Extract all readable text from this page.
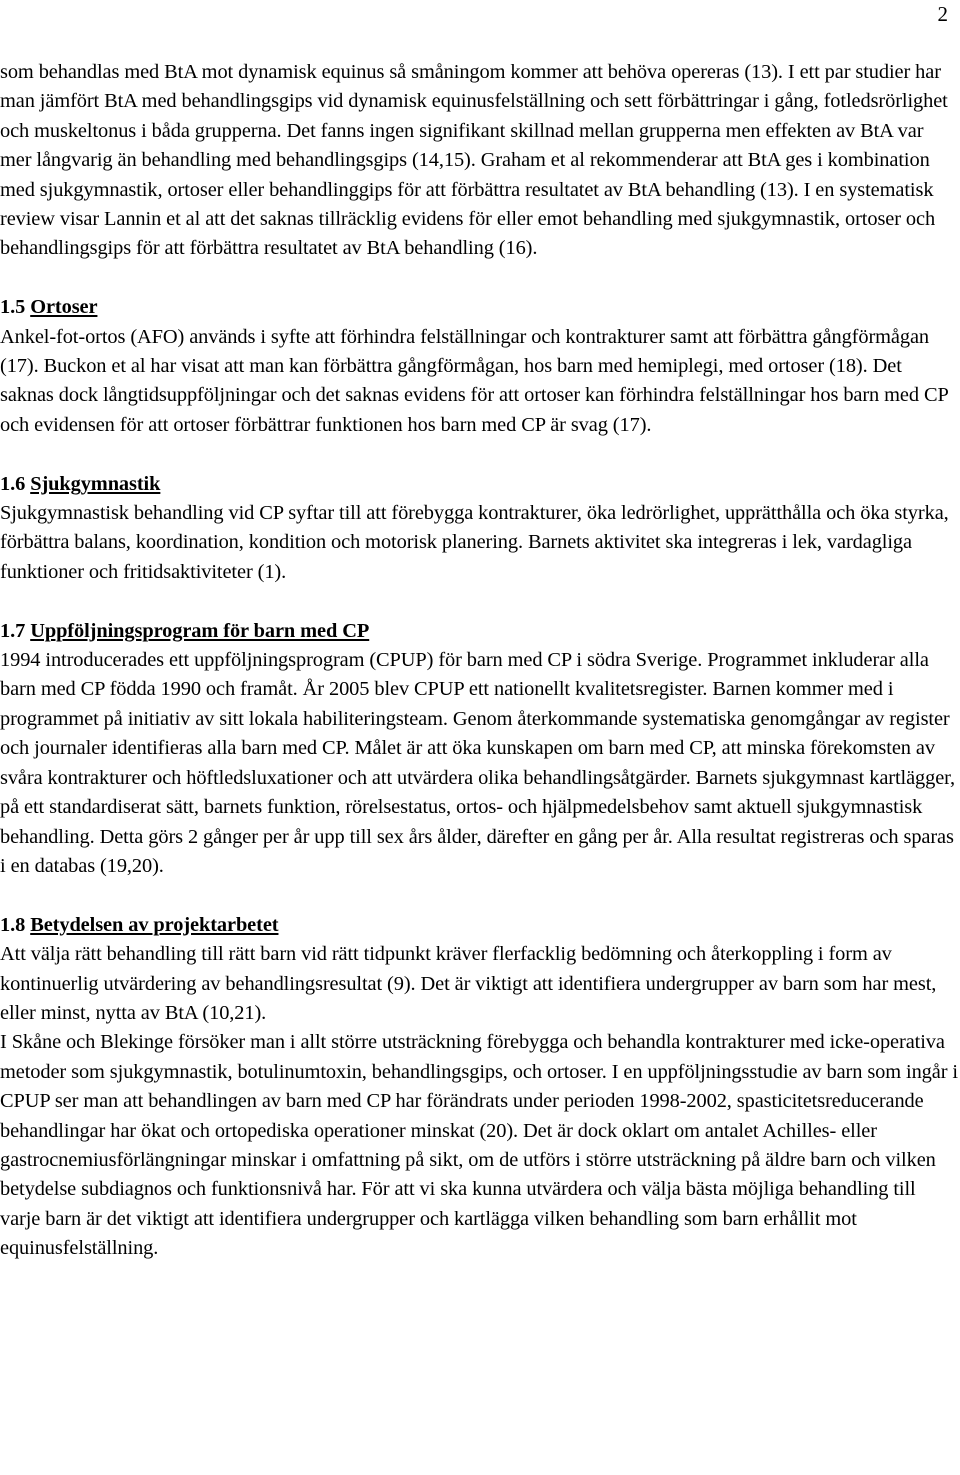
2

som behandlas med BtA mot dynamisk equinus så småningom kommer att behöva opereras (13). I ett par studier har man jämfört BtA med behandlingsgips vid dynamisk equinusfelställning och sett förbättringar i gång, fotledsrörlighet och muskeltonus i båda grupperna. Det fanns ingen signifikant skillnad mellan grupperna men effekten av BtA var mer långvarig än behandling med behandlingsgips (14,15). Graham et al rekommenderar att BtA ges i kombination med sjukgymnastik, ortoser eller behandlinggips för att förbättra resultatet av BtA behandling (13). I en systematisk review visar Lannin et al att det saknas tillräcklig evidens för eller emot behandling med sjukgymnastik, ortoser och behandlingsgips för att förbättra resultatet av BtA behandling (16).

1.5 Ortoser

Ankel-fot-ortos (AFO) används i syfte att förhindra felställningar och kontrakturer samt att förbättra gångförmågan (17). Buckon et al har visat att man kan förbättra gångförmågan, hos barn med hemiplegi, med ortoser (18). Det saknas dock långtidsuppföljningar och det saknas evidens för att ortoser kan förhindra felställningar hos barn med CP och evidensen för att ortoser förbättrar funktionen hos barn med CP är svag (17).

1.6 Sjukgymnastik

Sjukgymnastisk behandling vid CP syftar till att förebygga kontrakturer, öka ledrörlighet, upprätthålla och öka styrka, förbättra balans, koordination, kondition och motorisk planering. Barnets aktivitet ska integreras i lek, vardagliga funktioner och fritidsaktiviteter (1).

1.7 Uppföljningsprogram för barn med CP

1994 introducerades ett uppföljningsprogram (CPUP) för barn med CP i södra Sverige. Programmet inkluderar alla barn med CP födda 1990 och framåt. År 2005 blev CPUP ett nationellt kvalitetsregister. Barnen kommer med i programmet på initiativ av sitt lokala habiliteringsteam. Genom återkommande systematiska genomgångar av register och journaler identifieras alla barn med CP. Målet är att öka kunskapen om barn med CP, att minska förekomsten av svåra kontrakturer och höftledsluxationer och att utvärdera olika behandlingsåtgärder. Barnets sjukgymnast kartlägger, på ett standardiserat sätt, barnets funktion, rörelsestatus, ortos- och hjälpmedelsbehov samt aktuell sjukgymnastisk behandling. Detta görs 2 gånger per år upp till sex års ålder, därefter en gång per år. Alla resultat registreras och sparas i en databas (19,20).

1.8 Betydelsen av projektarbetet

Att välja rätt behandling till rätt barn vid rätt tidpunkt kräver flerfacklig bedömning och återkoppling i form av kontinuerlig utvärdering av behandlingsresultat (9). Det är viktigt att identifiera undergrupper av barn som har mest, eller minst, nytta av BtA (10,21).

I Skåne och Blekinge försöker man i allt större utsträckning förebygga och behandla kontrakturer med icke-operativa metoder som sjukgymnastik, botulinumtoxin, behandlingsgips, och ortoser. I en uppföljningsstudie av barn som ingår i CPUP ser man att behandlingen av barn med CP har förändrats under perioden 1998-2002, spasticitetsreducerande behandlingar har ökat och ortopediska operationer minskat (20). Det är dock oklart om antalet Achilles- eller gastrocnemiusförlängningar minskar i omfattning på sikt, om de utförs i större utsträckning på äldre barn och vilken betydelse subdiagnos och funktionsnivå har. För att vi ska kunna utvärdera och välja bästa möjliga behandling till varje barn är det viktigt att identifiera undergrupper och kartlägga vilken behandling som barn erhållit mot equinusfelställning.
